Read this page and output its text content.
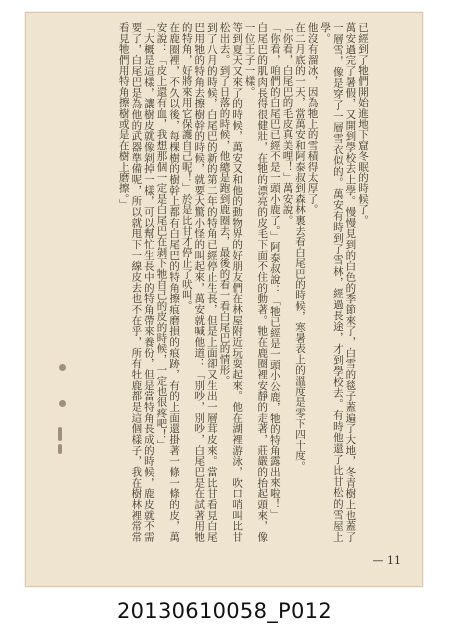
已經到了牠們開始進地下窟冬眠的時候了。

萬安過完了暑假，又開到學校去上學。慢慢見到的白色的季節來了，白雪的毯子蓋遍了大地，冬青樹上也蓋了一層雪，像是穿了一層雪衣似的。萬安有時到了雪林，經過長途，才到學校去。有時他還了比甘松的雪屋上學。

他沒有溜冰，因為牠上的雪積得太厚了。

在二月底的一天，當萬安和阿泰叔到森林裏去看白尾巴的時候，寒暑表上的溫度是零下四十度。

「你看，白尾巴的毛皮真美哩！」萬安說。

「你看，咱們的白尾巴已經不是一頭小鹿了。」阿泰叔說：「牠已經是一頭小公鹿，牠的特角露出來啦！」

白尾巴的肌肉長得很健壯，在牠的漂亮的皮毛下面不住的動著。牠在鹿圈裡安靜的走著，莊嚴的抬起頭來，像一位王子一樣。

等到夏天又來了的時候，萬安又和他的動物界的好朋友們在林屋附近玩耍起來。他在湖裡游泳，吹口哨叫比甘松出去。到了日落的時候，他總是跑到鹿圈去，最後的看一看白尾巴的情形。

到了八月的時候，白尾巴的新的第二年的特角已經停止生長，但是上面卻又生出一層茸皮來。當比甘看見白尾巴用牠的特角去擦樹幹的時候，就要大驚小怪的叫起來，萬安就喊他道：「別吵，別吵，白尾巴是在試著用牠的特角，好將來用它保護自己呢！」於是比甘才停止了吠叫。

在鹿圈裡，不久以後，每棵樹的樹幹上都有白尾巴的特角擦痕磨損的痕跡，有的上面還掛著一條一條的皮，萬安說：「皮上還有血，我想那個一定是白尾巴在剝下牠自己的皮的時候，一定也很疼吧！」

「大概是這樣，讓樹皮就像剝掉一樣，可以幫忙生長中的特角帶來養份，但是當特角長成的時候，鹿皮就不需要了，白尾巴是為他的武器準備呢，所以就甩下一線皮去也不在乎，所有牡鹿都是這個樣子，我在樹林裡常常看見牠們用特角擦樹或是在樹上磨擦。」

— 11
20130610058_P012
